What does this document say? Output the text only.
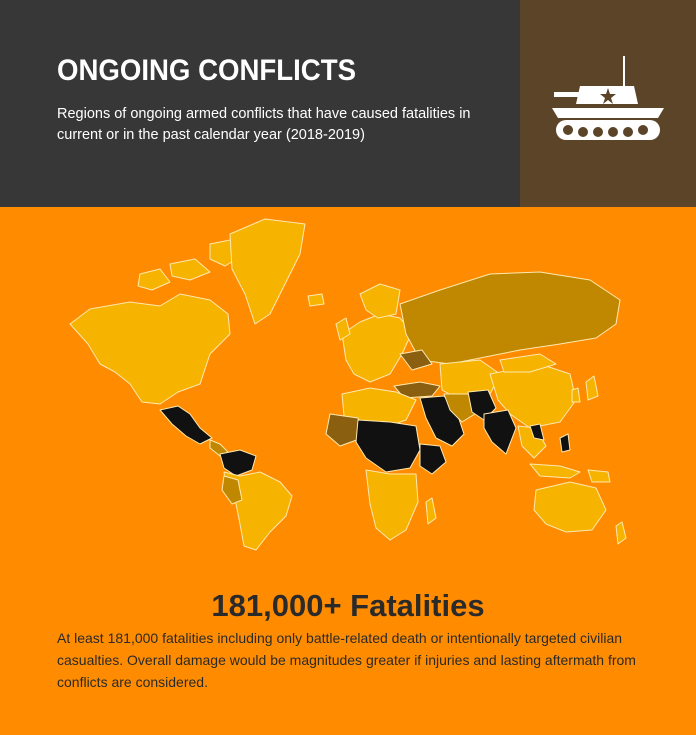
ONGOING CONFLICTS

Regions of ongoing armed conflicts that have caused fatalities in current or in the past calendar year (2018-2019)

181,000+ Fatalities

At least 181,000 fatalities including only battle-related death or intentionally targeted civilian casualties. Overall damage would be magnitudes greater if injuries and lasting aftermath from conflicts are considered.
